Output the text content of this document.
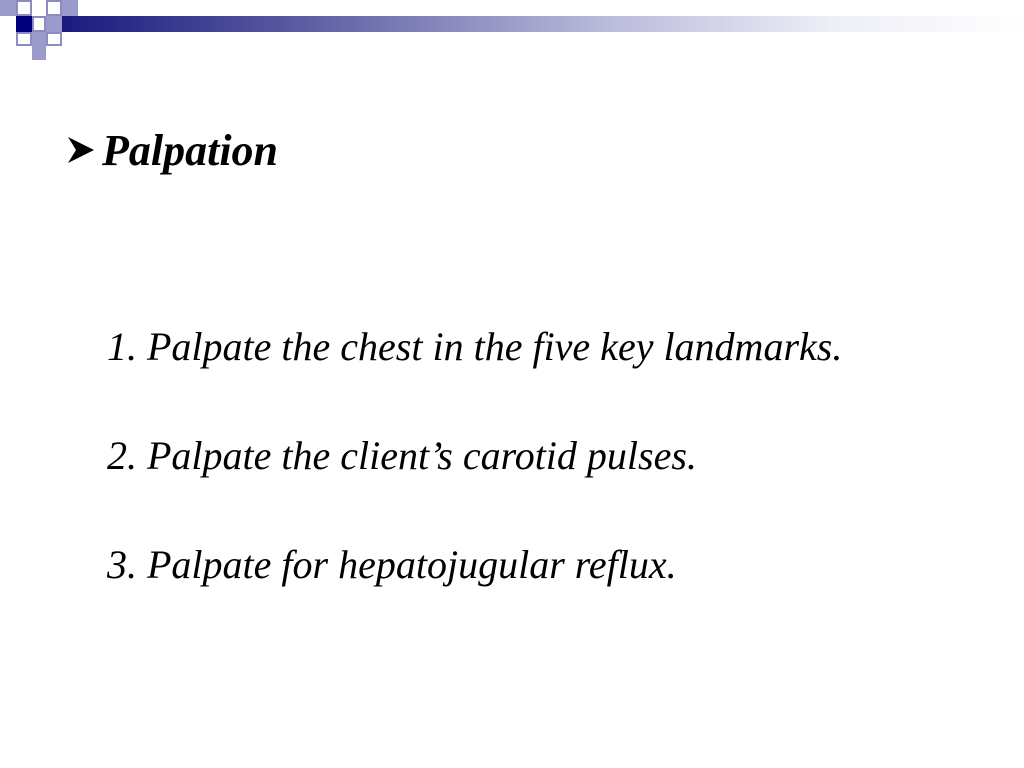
Palpation
1. Palpate the chest in the five key landmarks.
2. Palpate the client’s carotid pulses.
3. Palpate for hepatojugular reflux.
